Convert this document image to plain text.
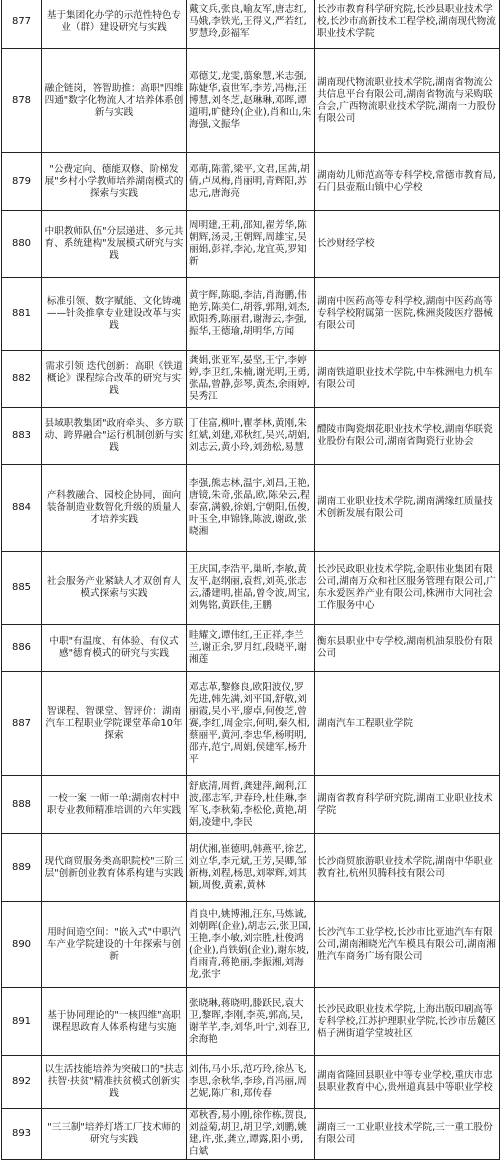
877	基于集团化办学的示范性特色专业（群）建设研究与实践	戴文兵,张良,喻友军,唐志红,马娥,李铁光,王得义,严若红,罗慧玲,彭福军	长沙市教育科学研究院,长沙县职业技术学校,长沙市高新技术工程学校,湖南现代物流职业技术学院
878	融企链岗，答智助推：高职"四维四通"数字化物流人才培养体系创新与实践	邓德艾,龙雯,翦象慧,米志强,陈婕华,袁世军,李芳,冯梅,汪博慧,刘冬芝,赵琳琳,邓晖,谭道明,旷健玲(企业),肖和山,朱海强,文振华	湖南现代物流职业技术学院,湖南省物流公共信息平台有限公司,湖南省物流与采购联合会,广西物流职业技术学院,湖南一力股份有限公司
879	"公费定向、德能双修、阶梯发展"乡村小学教师培养湖南模式的探索与实践	邓萌,陈蕾,梁平,文君,匡茜,胡倩,卢凤梅,肖丽明,青辉阳,苏忠元,唐海亮	湖南幼儿师范高等专科学校,常德市教育局,石门县壶瓶山镇中心学校
880	中职教师队伍"分层递进、多元共育、系统建构"发展模式研究与实践	周明建,王莉,邵知,翟芳华,陈朝辉,汤灵,王朝辉,周雄宝,吴丽娟,彭祥,李沁,龙宜英,罗知新	长沙财经学校
881	标准引领、数字赋能、文化铸魂——针灸推拿专业建设改革与实践	黄宇辉,陈聪,李洁,肖海鹏,伟艳芳,陈美仁,胡蓉,郭翔,刘杰,欧阳秀,陈丽君,谢海云,李强,振华,王德瑜,胡明华,方闻	湖南中医药高等专科学校,湖南中医药高等专科学校附属第一医院,株洲炎陵医疗器械有限公司
882	需求引领 迭代创新：高职《铁道概论》课程综合改革的研究与实践	龚娟,张亚军,晏坚,王宁,李婷婷,李卫红,朱楠,谢光明,王勇,张晶,曾静,彭琴,黄杰,余雨婷,吴秀江	湖南铁道职业技术学院,中车株洲电力机车有限公司
883	县域职教集团"政府牵头、多方联动、跨界融合"运行机制创新与实践	丁佳富,柳叶,瞿孝林,黄刚,朱红斌,刘建,邓秋红,吴兴,胡娟,刘志云,黄小玲,刘劲松,易慧	醴陵市陶瓷烟花职业技术学校,湖南华联瓷业股份有限公司,湖南省陶瓷行业协会
884	产科教融合、园校企协同，面向装备制造业数智化升级的质量人才培养实践	李强,熊志林,温宇,刘昌,王艳,唐镜,朱奇,张晶,欧,陈朵云,程泰富,满毅,徐娟,宁朝阳,伍俊,叶玉全,申锦锋,陈波,谢政,张晓湘	湖南工业职业技术学院,湖南满缘红质量技术创新发展有限公司
885	社会服务产业紧缺人才双创育人模式探索与实践	王庆国,李浩平,巢昕,李敏,黄友平,赵纲丽,袁哲,刘英,张志云,潘建明,崔晶,曾令波,周宝,刘隽铭,黄跃佳,王鹏	长沙民政职业技术学院,金职伟业集团有限公司,湖南万众和社区服务管理有限公司,广东永爱医养产业有限公司,株洲市大同社会工作服务中心
886	中职"有温度、有体验、有仪式感"德育模式的研究与实践	眭耀文,谭伟红,王正祥,李兰兰,谢正余,罗月红,段晓平,谢湘莲	衡东县职业中专学校,湖南机油泵股份有限公司
887	智课程、智课堂、智评价：湖南汽车工程职业学院课堂革命10年探索	邓志革,黎修良,欧阳波仪,罗先进,韩先满,刘平国,舒敬,刘丽霞,吴小平,廖卓,何俊芝,曾赛,李红,周金宗,何明,秦久相,蔡丽平,黄河,李忠华,杨明明,邵卉,范宁,周娟,侯建军,杨升平	湖南汽车工程职业学院
888	一校一案 一师一单:湖南农村中职专业教师精准培训的六年实践	舒底清,周哲,龚建萍,阚利,江波,邵志军,尹春玲,杜佳琳,李军飞,李秋菊,李松伦,黄艳,胡娟,凌建中,李民	湖南省教育科学研究院,湖南工业职业技术学院
889	现代商贸服务类高职院校"三阶三层"创新创业教育体系构建与实践	胡伏湘,崔德明,韩燕平,徐艺,刘立华,李元斌,王芳,吴卿,邹新梅,刘程,杨思,刘翠辉,刘其颖,周俊,黄素,黄林	长沙商贸旅游职业技术学院,湖南中华职业教育社,杭州贝腾科技有限公司
890	用时间造空间："嵌入式"中职汽车产业学院建设的十年探索与创新	肖良中,姚博湘,汪东,马炼诚,刘朝晖(企业),胡志云,张卫国,王艳,李小敏,刘宗胜,杜俊鸿(企业),肖铁娟(企业),谢东坡,肖雨青,蒋艳丽,李振湘,刘海龙,张宇	长沙汽车工业学校,长沙市比亚迪汽车有限公司,湖南湘晓光汽车模具有限公司,湖南湘胜汽车商务广场有限公司
891	基于协同理论的"一核四维"高职课程思政育人体系构建与实施	张晓琳,蒋晓明,滕跃民,袁大卫,黎晖,李刚,李英,郭高,吴,谢芊芊,李,刘华,叶宁,刘春卫,余海艳	长沙民政职业技术学院,上海出版印刷高等专科学校,江苏护理职业学院,长沙市岳麓区梧子洲街道学堂坡社区
892	以生活技能培养为突破口的"扶志扶智·扶贫"精准扶贫模式创新实践	刘伟,马小乐,范巧玲,徐丛飞,李思,余秋华,李珍,肖冯丽,周艺妮,陈广和,郑传春	湖南省隆回县职业中等专业学校,重庆市忠县职业教育中心,贵州道真县中等职业学校
893	"三三制"培养灯塔工厂技术师的研究与实践	邓秋香,易小刚,徐作栋,贺良,刘益菊,胡卫,胡卫学,刘鹏,姚建,许,张,龚立,谭露,阳小勇,白斌	湖南三一工业职业技术学院,三一重工股份有限公司
